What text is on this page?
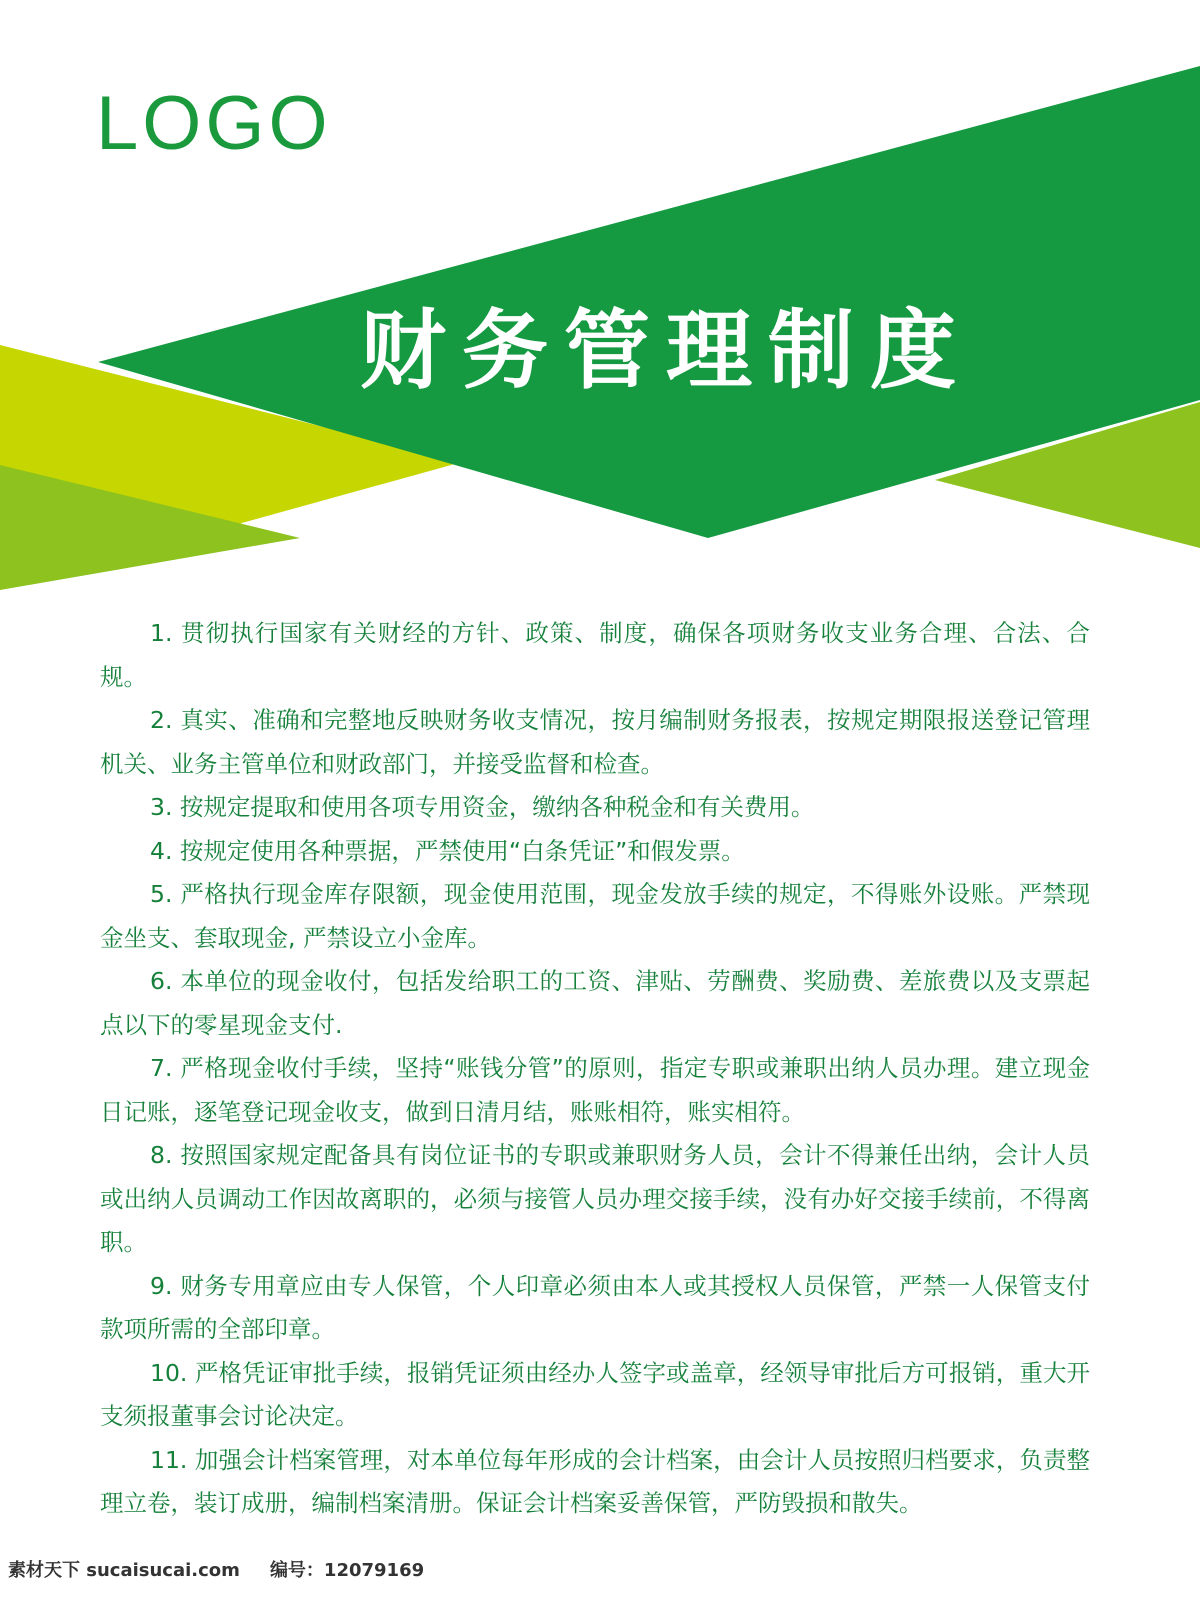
LOGO
财务管理制度

1. 贯彻执行国家有关财经的方针、政策、制度，确保各项财务收支业务合理、合法、合规。

2. 真实、准确和完整地反映财务收支情况，按月编制财务报表，按规定期限报送登记管理机关、业务主管单位和财政部门，并接受监督和检查。

3. 按规定提取和使用各项专用资金，缴纳各种税金和有关费用。

4. 按规定使用各种票据，严禁使用“白条凭证”和假发票。

5. 严格执行现金库存限额，现金使用范围，现金发放手续的规定，不得账外设账。严禁现金坐支、套取现金, 严禁设立小金库。

6. 本单位的现金收付，包括发给职工的工资、津贴、劳酬费、奖励费、差旅费以及支票起点以下的零星现金支付.

7. 严格现金收付手续，坚持“账钱分管”的原则，指定专职或兼职出纳人员办理。建立现金日记账，逐笔登记现金收支，做到日清月结，账账相符，账实相符。

8. 按照国家规定配备具有岗位证书的专职或兼职财务人员，会计不得兼任出纳，会计人员或出纳人员调动工作因故离职的，必须与接管人员办理交接手续，没有办好交接手续前，不得离职。

9. 财务专用章应由专人保管，个人印章必须由本人或其授权人员保管，严禁一人保管支付款项所需的全部印章。

10. 严格凭证审批手续，报销凭证须由经办人签字或盖章，经领导审批后方可报销，重大开支须报董事会讨论决定。

11. 加强会计档案管理，对本单位每年形成的会计档案，由会计人员按照归档要求，负责整理立卷，装订成册，编制档案清册。保证会计档案妥善保管，严防毁损和散失。

素材天下 sucaisucai.com 编号：12079169
